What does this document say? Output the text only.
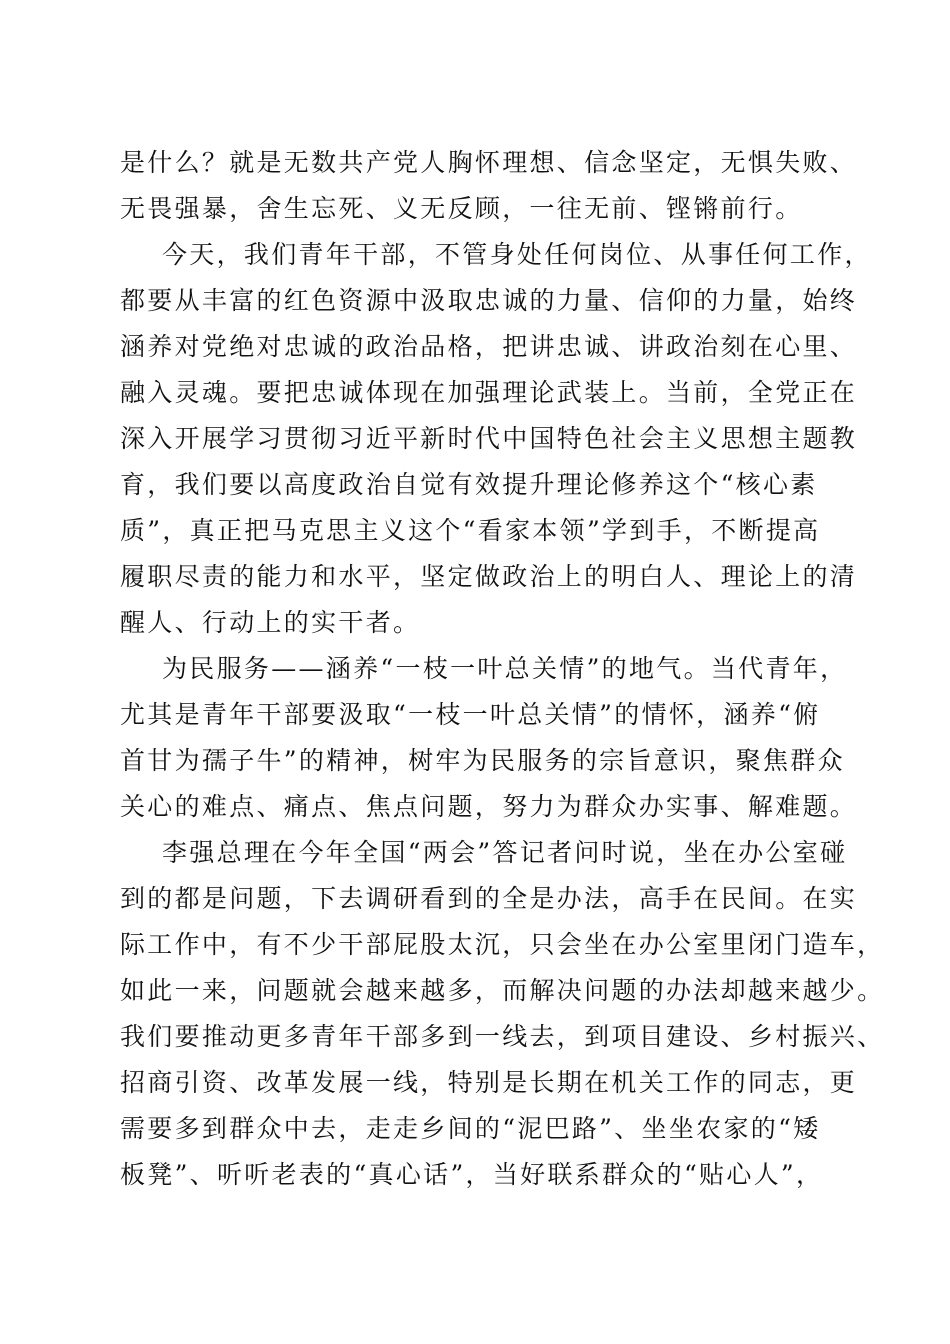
是什么？就是无数共产党人胸怀理想、信念坚定，无惧失败、
无畏强暴，舍生忘死、义无反顾，一往无前、铿锵前行。
今天，我们青年干部，不管身处任何岗位、从事任何工作，
都要从丰富的红色资源中汲取忠诚的力量、信仰的力量，始终
涵养对党绝对忠诚的政治品格，把讲忠诚、讲政治刻在心里、
融入灵魂。要把忠诚体现在加强理论武装上。当前，全党正在
深入开展学习贯彻习近平新时代中国特色社会主义思想主题教
育，我们要以高度政治自觉有效提升理论修养这个“核心素
质”，真正把马克思主义这个“看家本领”学到手，不断提高
履职尽责的能力和水平，坚定做政治上的明白人、理论上的清
醒人、行动上的实干者。
为民服务——涵养“一枝一叶总关情”的地气。当代青年，
尤其是青年干部要汲取“一枝一叶总关情”的情怀，涵养“俯
首甘为孺子牛”的精神，树牢为民服务的宗旨意识，聚焦群众
关心的难点、痛点、焦点问题，努力为群众办实事、解难题。
李强总理在今年全国“两会”答记者问时说，坐在办公室碰
到的都是问题，下去调研看到的全是办法，高手在民间。在实
际工作中，有不少干部屁股太沉，只会坐在办公室里闭门造车，
如此一来，问题就会越来越多，而解决问题的办法却越来越少。
我们要推动更多青年干部多到一线去，到项目建设、乡村振兴、
招商引资、改革发展一线，特别是长期在机关工作的同志，更
需要多到群众中去，走走乡间的“泥巴路”、坐坐农家的“矮
板凳”、听听老表的“真心话”，当好联系群众的“贴心人”，
